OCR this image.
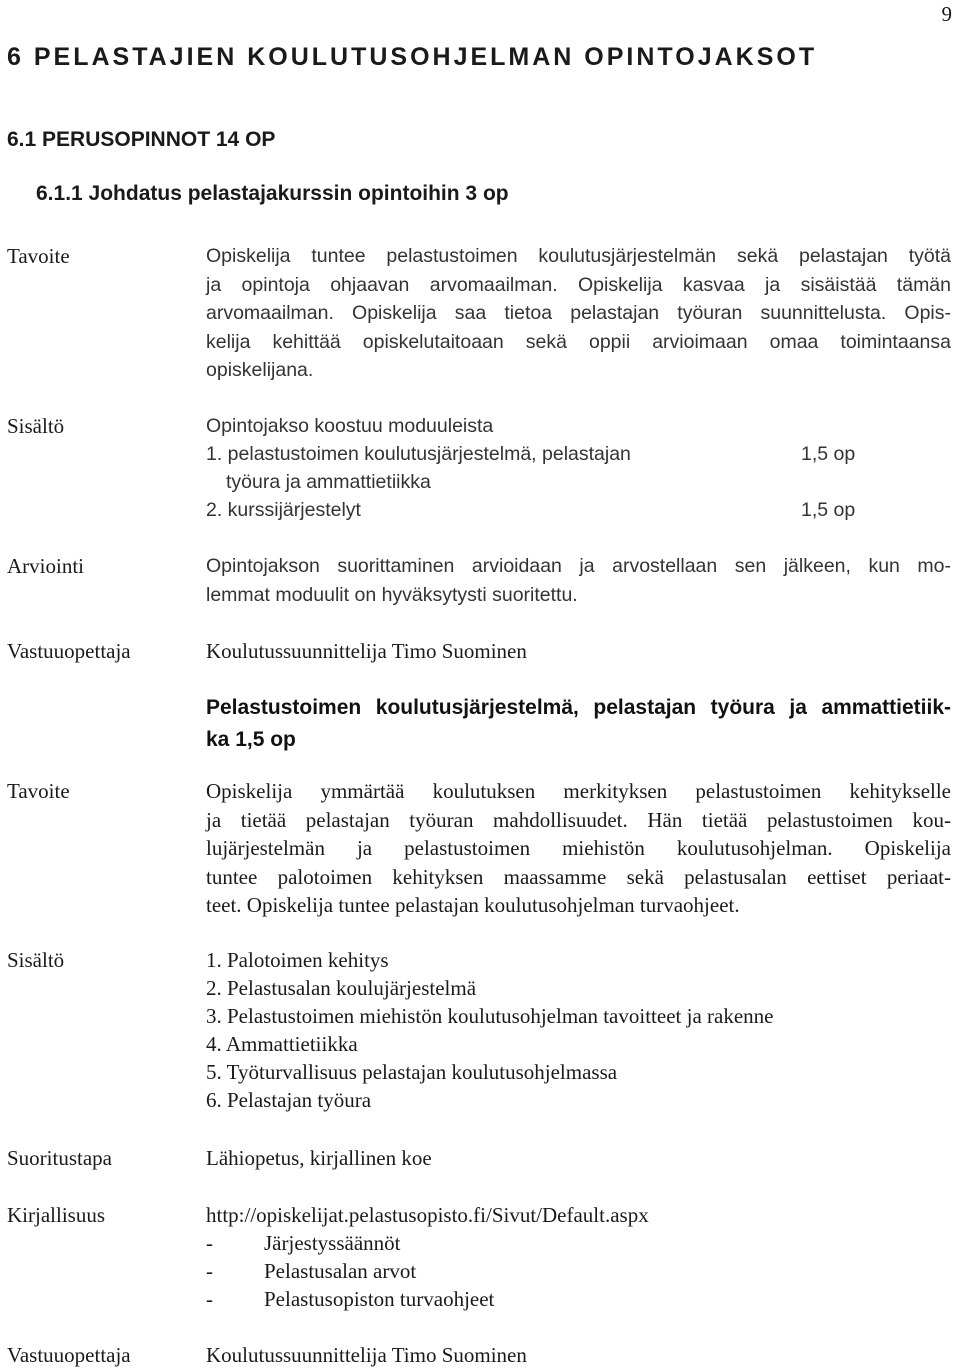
9
6 PELASTAJIEN KOULUTUSOHJELMAN OPINTOJAKSOT
6.1 PERUSOPINNOT 14 OP
6.1.1 Johdatus pelastajakurssin opintoihin 3 op
Tavoite	Opiskelija tuntee pelastustoimen koulutusjärjestelmän sekä pelastajan työtä
ja opintoja ohjaavan arvomaailman. Opiskelija kasvaa ja sisäistää tämän
arvomaailman. Opiskelija saa tietoa pelastajan työuran suunnittelusta. Opis-
kelija kehittää opiskelutaitoaan sekä oppii arvioimaan omaa toimintaansa
opiskelijana.
Sisältö	Opintojakso koostuu moduuleista
1. pelastustoimen koulutusjärjestelmä, pelastajan	1,5 op
työura ja ammattietiikka
2. kurssijärjestelyt	1,5 op
Arviointi	Opintojakson suorittaminen arvioidaan ja arvostellaan sen jälkeen, kun mo-
lemmat moduulit on hyväksytysti suoritettu.
Vastuuopettaja	Koulutussuunnittelija Timo Suominen
Pelastustoimen koulutusjärjestelmä, pelastajan työura ja ammattietiik-
ka 1,5 op
Tavoite	Opiskelija ymmärtää koulutuksen merkityksen pelastustoimen kehitykselle
ja tietää pelastajan työuran mahdollisuudet. Hän tietää pelastustoimen kou-
lujärjestelmän ja pelastustoimen miehistön koulutusohjelman. Opiskelija
tuntee palotoimen kehityksen maassamme sekä pelastusalan eettiset periaat-
teet. Opiskelija tuntee pelastajan koulutusohjelman turvaohjeet.
Sisältö	1. Palotoimen kehitys
2. Pelastusalan koulujärjestelmä
3. Pelastustoimen miehistön koulutusohjelman tavoitteet ja rakenne
4. Ammattietiikka
5. Työturvallisuus pelastajan koulutusohjelmassa
6. Pelastajan työura
Suoritustapa	Lähiopetus, kirjallinen koe
Kirjallisuus	http://opiskelijat.pelastusopisto.fi/Sivut/Default.aspx
- Järjestyssäännöt
- Pelastusalan arvot
- Pelastusopiston turvaohjeet
Vastuuopettaja	Koulutussuunnittelija Timo Suominen
